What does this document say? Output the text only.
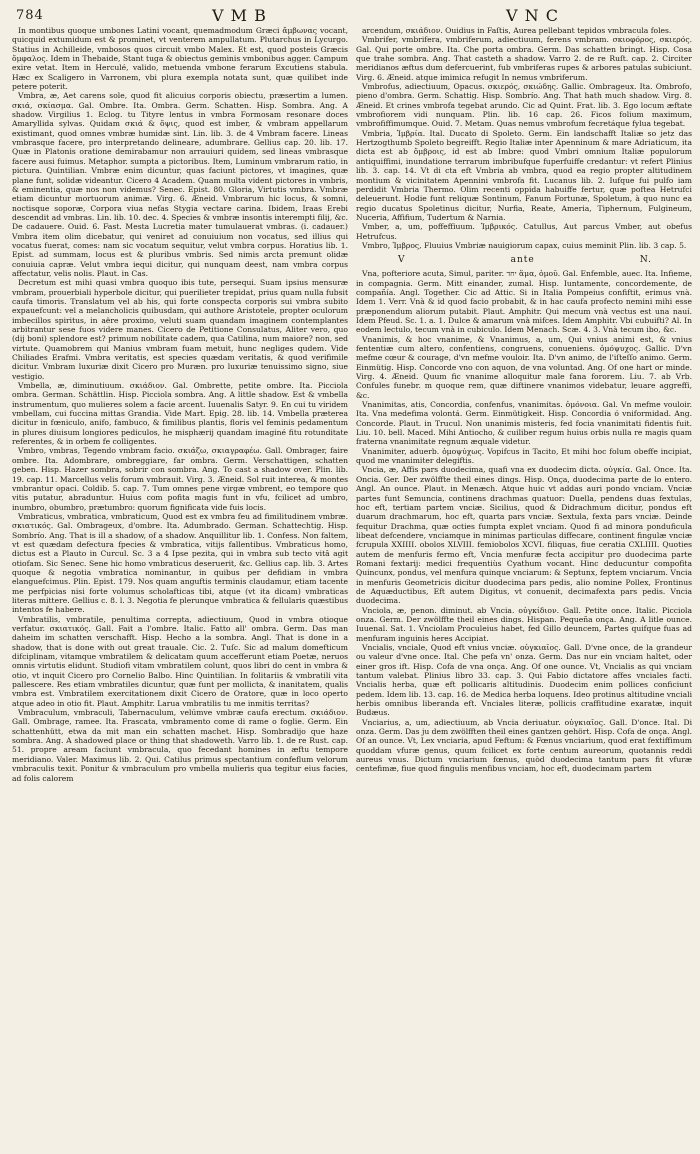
784	V M B	V N C

In montibus quoque umbones Latini vocant, quemadmodum Græci ἄμβωνας vocant, quicquid extumidum est & prominet, vt venterem ampullatum. Plutarchus in Lycurgo. Statius in Achilleide, vmbosos quos circuit vmbo Malex. Et est, quod posteis Græcis ὄμφαλος. Idem in Thebaide, Stant tuga & obiectus geminis vmbonibus agger. Campum exire vetat. Item in Herculé, valido, metuenda vmbone ferarum Excutiens stabula. Hæc ex Scaligero in Varronem, vbi plura exempla notata sunt, quæ quilibet inde petere poterit.

Vmbra, æ, Aet carens sole, quod fit alicuius corporis obiectu, præsertim a lumen. σκιά, σκίασμα. Gal. Ombre. Ita. Ombra. Germ. Schatten. Hisp. Sombra. Ang. A shadow. Virgilius 1. Eclog. tu Tityre lentus in vmbra Formosam resonare doces Amaryllida sylvas. Quidam σκιά & ὄψις, quod est imber, & vmbram appellarum existimant, quod omnes vmbræ humidæ sint. Lin. lib. 3. de 4 Vmbram facere. Lineas vmbrasque facere, pro interpretando delineare, adumbrare. Gellius cap. 20. lib. 17. Quæ in Platonis oratione demirabamur non arrauiuri quidem, sed lineas vmbrasque facere ausi fuimus. Metaphor. sumpta a pictoribus. Item, Luminum vmbrarum ratio, in pictura. Quintilian. Vmbræ enim dicuntur, quas faciunt pictores, vt imagines, quæ plane funt, solidæ videantur. Cicero 4 Academ. Quam multa vident pictores in vmbris, & eminentia, quæ nos non videmus? Senec. Epist. 80. Gloria, Virtutis vmbra. Vmbræ etiam dicuntur mortuorum animæ. Virg. 6. Æneid. Vmbrarum hic locus, & somni, noctisque soporæ, Corpora viua nefas Stygia vectare carina. Ibidem, Iraas Erebi descendit ad vmbras. Lin. lib. 10. dec. 4. Species & vmbræ insontis interempti filij, &c. De cadauere. Ouid. 6. Fast. Mesta Lucretia mater tumulauerat vmbras. (i. cadauer.) Vmbra item olim dicebatur, qui veniret ad conuiuium non vocatus, sed illius qui vocatus fuerat, comes: nam sic vocatum sequitur, velut vmbra corpus. Horatius lib. 1. Epist. ad summam, locus est & pluribus vmbris. Sed nimis arcta premunt olidæ conuiuia capræ. Velut vmbra iequi dicitur, qui nunquam deest, nam vmbra corpus affectatur, velis nolis. Plaut. in Cas.

Decretum est mihi quasi vmbra quoquo ibis tute, persequi. Suam ipsius mensuræ vmbram, prouerbiali hyperbole dicitur, qui puerilieter trepidat, prius quam nulla fubsit caufa timoris. Translatum vel ab his, qui forte conspecta corporis sui vmbra subito expauefcunt: vel a melancholicis quibusdam, qui authore Aristotele, propter oculorum imbecillos spiritus, in aëre proximo, veluti suam quandam imaginem contemplantes arbitrantur sese fuos videre manes. Cicero de Petitione Consulatus, Aliter vero, quo (dij boni) splendore est? primum nobilitate cadem, qua Catilina, num maiore? non, sed virtute. Quamobrem qui Manius vmbram fuam metuit, hunc negliges qudem. Vide Chiliades Erafmi. Vmbra veritatis, est species quædam veritatis, & quod verifimile dicitur. Vmbram luxuriæ dixit Cicero pro Muræn. pro luxuriæ tenuissimo signo, siue vestigio.

Vmbella, æ, diminutiuum. σκιάδιον. Gal. Ombrette, petite ombre. Ita. Picciola ombra. German. Schättlin. Hisp. Picciola sombra. Ang. A little shadow. Est & vmbella instrumentum, quo mulieres solem a facie arcent. Iuuenalis Satyr. 9. En cui tu viridem vmbellam, cui fuccina mittas Grandia. Vide Mart. Epig. 28. lib. 14. Vmbella præterea dicitur in fœniculo, anifo, fambuco, & fimilibus plantis, floris vel feminis pedamentum in plures diuisum longiores pediculos, he misphærij quandam imaginé fitu rotunditate referentes, & in orbem fe colligentes.

Vmbro, vmbras, Tegendo vmbram facio. σκιάζω, σκιαγραφέω. Gall. Ombrager, faire ombre. Ita. Adombrare, ombreggiare, far ombra. Germ. Verschattigen, schatten geben. Hisp. Hazer sombra, sobrir con sombra. Ang. To cast a shadow over. Plin. lib. 19. cap. 11. Marcellus velis forum vmbrauit. Virg. 3. Æneid. Sol ruit interea, & montes vmbrantur opaci. Coldib. 5. cap. 7. Tum omnes pene virgæ vmbrent, eo tempore quo vitis putatur, abraduntur. Huius com pofita magis funt in vfu, fcilicet ad umbro, inumbro, obumbro, prætumbro: quorum fignificata vide fuis locis.

Vmbraticus, vmbratica, vmbraticum, Quod est ex vmbra feu ad fimilitudinem vmbræ. σκιατικός. Gal. Ombrageux, d'ombre. Ita. Adumbrado. German. Schattechtig. Hisp. Sombrío. Ang. That is ill a shadow, of a shadow. Anquillitur lib. 1. Confess. Non faltem, vt est quædam defectura fpecies & vmbratica, vitijs fallentibus. Vmbraticus homo, dictus est a Plauto in Curcul. Sc. 3 a 4 Ipse pezita, qui in vmbra sub tecto vitâ agit otiofam. Sic Senec. Sene hic homo vmbraticus deseruerit, &c. Gellius cap. lib. 3. Artes quoque & negotia vmbratica nominantur, in quibus per defidiam in vmbra elanguefcimus. Plin. Epist. 179. Nos quam anguftis terminis claudamur, etiam tacente me perfpicias nisi forte volumus scholafticas tibi, atque (vt ita dicam) vmbraticas literas mittere. Gellius c. 8. l. 3. Negotia fe plerunque vmbratica & fellularis quæstibus intentos fe habere.

Vmbratilis, vmbratile, penultima correpta, adiectiuum, Quod in vmbra otioque verfatur. σκιατικός. Gall. Fait a l'ombre. Italic. Fatto all' ombra. Germ. Das man daheim im schatten verschafft. Hisp. Hecho a la sombra. Angl. That is done in a shadow, that is done with out great trauale. Cic. 2. Tuſc. Sic ad malum domefticum difciplinam, vitamque vmbratilem & delicatam quum accefferunt etiam Poetæ, neruos omnis virtutis elidunt. Studiofi vitam vmbratilem colunt, quos libri do cent in vmbra & otio, vt inquit Cicero pro Cornelio Balbo. Hinc Quintilian. In folitariis & vmbratili vita pallescere. Res etiam vmbratiles dicuntur, quæ funt per mollicta, & inanitatem, qualis vmbra est. Vmbratilem exercitationem dixit Cicero de Oratore, quæ in loco operto atque adeo in otio fit. Plaut. Amphitr. Larua vmbratilis tu me inmitis territas?

Vmbraculum, vmbraculi, Tabernaculum, velúmve vmbræ caufa erectum. σκιάδιον. Gall. Ombrage, ramee. Ita. Frascata, vmbramento come di rame o foglie. Germ. Ein schattenhütt, etwa da mit man ein schatten machet. Hisp. Sombradijo que haze sombra. Ang. A shadowed place or thing that shadoweth. Varro lib. 1. de re Rust. cap. 51. propre aream faciunt vmbracula, quo fecedant homines in æftu tempore meridiano. Valer. Maximus lib. 2. Qui. Catilus primus spectantium confeflum velorum vmbraculis texit. Ponitur & vmbraculum pro vmbella mulieris qua tegitur eius facies, ad folis calorem

arcendum, σκιάδιον. Ouidius in Faſtis, Aurea pellebant tepidos vmbracula foles.

Vmbrifer, vmbrifera, vmbriferum, adiectiuum, ferens vmbram. σκιοφόρος, σκιερός. Gal. Qui porte ombre. Ita. Che porta ombra. Germ. Das schatten bringt. Hisp. Cosa que trahe sombra. Ang. That casteth a shadow. Varro 2. de re Ruſt. cap. 2. Circiter meridianos æftus dum defercuerint, fub vmbriferas rupes & arbores patulas subiciunt. Virg. 6. Æneid. atque imimica refugit In nemus vmbriferum.

Vmbrofus, adiectiuum, Opacus. σκιερός, σκιώδης. Gallic. Ombrageux. Ita. Ombrofo, pieno d'ombra. Germ. Schattig. Hisp. Sombrío. Ang. That hath much shadow. Virg. 8. Æneid. Et crines vmbrofa tegebat arundo. Cic ad Quint. Frat. lib. 3. Ego locum æftate vmbrofiorem vidi nunquam. Plin. lib. 16 cap. 26. Ficos folium maximum, vmbrofiffimumque. Ouid. 7. Metam. Quas nemus vmbrofum fecretáque fylua tegebat.

Vmbria, Ἰμβρία. Ital. Ducato di Spoleto. Germ. Ein landschafft Italiæ so jetz das Hertzogthumb Spoleto begreifft. Regio Italiæ inter Apenninum & mare Adriaticum, ita dicta est ab ὄμβροις, id est ab Imbre: quod Vmbri omnium Italiæ populorum antiquiffimi, inundatione terrarum imbribufque fuperfuiffe credantur: vt refert Plinius lib. 3. cap. 14. Vt di cta eft Vmbria ab vmbra, quod ea regio propter altitudinem montium & vicinitatem Apennini vmbrofa fit. Lucanus lib. 2. Iufque fui pulfo iam perdidit Vmbria Thermo. Olim recenti oppida habuiffe fertur, quæ poftea Hetrufci deleuerunt. Hodie funt reliquæ Sontinum, Fanum Fortunæ, Spoletum, à quo nunc ea regio ducatus Spoletinus dicitur, Nurfia, Reate, Ameria, Tiphernum, Fulgineum, Nuceria, Affifium, Tudertum & Narnia.

Vmber, a, um, poffeffiuum. Ἰμβρικός. Catullus, Aut parcus Vmber, aut obefus Hetrufcus.

Vmbro, Ἰμβρος, Fluuius Vmbriæ nauigiorum capax, cuius meminit Plin. lib. 3 cap. 5.

V	ante	N.

Vna, pofteriore acuta, Simul, pariter. יחד ἅμα, ὁμοῦ. Gal. Enfemble, auec. Ita. Infieme, in compagnia. Germ. Mitt einander, zumal. Hisp. Iuntamente, concordemente, de compañía. Angl. Together. Cic ad Attic. Si in Italia Pompeius confiftit, erimus vnà. Idem 1. Verr. Vnà & id quod facio probabit, & in hac caufa profecto nemini mihi esse præponendum aliorum putabit. Plaut. Amphitr. Qui mecum vnà vectus est una nauí. Idem Pfeud. Sc. 1. a. 1. Dulce & amarum vnà mifces. Idem Amphitr. Vbi cubuifti? Al. In eodem lectulo, tecum vnà in cubiculo. Idem Menach. Scæ. 4. 3. Vnà tecum ibo, &c.

Vnanimis, & hoc vnanime, & Vnanimus, a, um, Qui vnius animi est, & vnius fententiæ cum altero, confentiens, congruens, conueniens. ὁμόψυχος. Gallic. D'vn mefme cœur & courage, d'vn mefme vouloir. Ita. D'vn animo, de l'iſteſſo animo. Germ. Einmütig. Hisp. Concorde vno con aquon, de vna voluntad. Ang. Of one hart or minde. Virg. 4. Æneid. Quum fic vnanime alloquitur male fana fororem. Liu. 7. ab Vrb. Confules funebr. m quoque rem, quæ diftinere vnanimos videbatur, leuare aggreffi, &c.

Vnanimitas, atis, Concordia, confenfus, vnanimitas. ὁμόνοια. Gal. Vn mefme vouloir. Ita. Vna medefima volontá. Germ. Einmütigkeit. Hisp. Concordia ó vniformidad. Ang. Concorde. Plaut. in Trucul. Non unanimis misteris, fed focia vnanimitati fidentis fuit. Liu. 10. bell. Maced. Mihi Antiocho, & cuiliber regum huius orbis nulla re magis quam fraterna vnanimitate regnum æquale videtur.

Vnanimiter, aduerb. ὁμοψύχως. Vopifcus in Tacito, Et mihi hoc folum obeffe incipiat, quod me vnanimiter delegiftis.

Vncia, æ, Affis pars duodecima, quafi vna ex duodecim dicta. οὐγκία. Gal. Once. Ita. Oncia. Ger. Der zwölffte theil eines dings. Hisp. Onça, duodecima parte de lo entero. Angl. An ounce. Plaut. in Menæch. Atque huic vt addas auri pondo vnciam. Vnciæ partes funt Semuncia, continens drachmas quatuor: Duella, pendens duas fextulas, hoc eft, tertiam partem vnciæ. Sicilius, quod & Didrachmum dicitur, pondus eft duarum drachmarum, hoc eft, quarta pars vnciæ. Sextula, fexta pars vnciæ. Deinde fequitur Drachma, quæ octies fumpta explet vnciam. Quod fi ad minora ponduficula libeat defcendere, vnciamque in minimas particulas diffecare, continent fingulæ vnciæ fcrupula XXIIII. obolos XLVIII. femiobolos XCVI. filiquas, fiue ceratia CXLIIII. Quoties autem de menfuris fermo eft, Vncia menfuræ fecta accipitur pro duodecima parte Romani fextarij: medici frequentiùs Cyathum vocant. Hinc deducuntur compofita Quincunx, pondus, vel menfura quinque vnciarum: & Septunx, feptem vnciarum. Vncia in menfuris Geometricis dicitur duodecima pars pedis, alio nomine Pollex, Frontinus de Aquæductibus, Eft autem Digitus, vt conuenit, decimafexta pars pedis. Vncia duodecima.

Vnciola, æ, penon. diminut. ab Vncia. οὐγκίδιον. Gall. Petite once. Italic. Picciola onza. Germ. Der zwölffte theil eines dings. Hispan. Pequeña onça. Ang. A litle ounce. Iuuenal. Sat. 1. Vnciolam Proculeius habet, fed Gillo deuncem, Partes quifque fuas ad menfuram inguinis heres Accipiat.

Vncialis, vnciale, Quod eft vnius vnciæ. οὐγκιαῖος. Gall. D'vne once, de la grandeur ou valeur d'vne once. Ital. Che pefa vn' onza. Germ. Das nur ein vnciam haltet, oder einer gros ift. Hisp. Cofa de vna onça. Ang. Of one ounce. Vt, Vncialis as qui vnciam tantum valebat. Plinius libro 33. cap. 3. Qui Fabio dictatore affes vnciales facti. Vncialis herba, quæ eft pollicaris altitudinis. Duodecim enim pollices conficiunt pedem. Idem lib. 13. cap. 16. de Medica herba loquens. Ideo protinus altitudine vnciali herbis omnibus liberanda eft. Vnciales literæ, pollicis craffitudine exaratæ, inquit Budæus.

Vnciarius, a, um, adiectiuum, ab Vncia deriuatur. οὐγκιαῖος. Gall. D'once. Ital. Di onza. Germ. Das ju dem zwölfften theil eines gantzen gehört. Hisp. Cofa de onça. Angl. Of an ounce. Vt, Lex vnciaria, apud Feftum: & Fœnus vnciarium, quod erat fextiffimum quoddam vfuræ genus, quum fcilicet ex forte centum aureorum, quotannis reddi aureus vnus. Dictum vnciarium fœnus, quòd duodecima tantum pars fit vfuræ centefimæ, fiue quod fingulis menfibus vnciam, hoc eft, duodecimam partem
